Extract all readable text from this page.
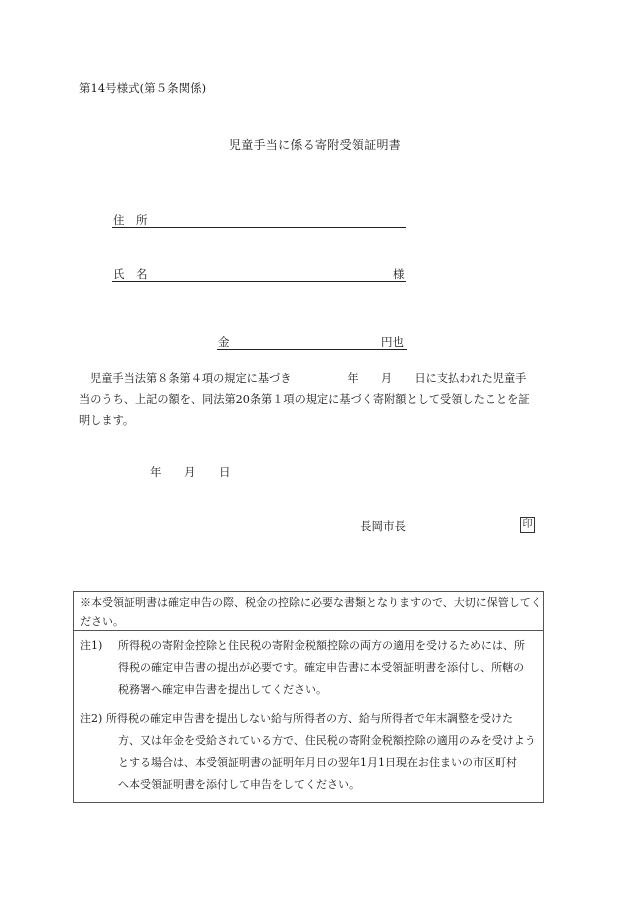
第14号様式(第５条関係)
児童手当に係る寄附受領証明書
住　所
氏　名	様
金	円也
児童手当法第８条第４項の規定に基づき　　　　　年　　月　　日に支払われた児童手
当のうち、上記の額を、同法第20条第１項の規定に基づく寄附額として受領したことを証
明します。
年 月 日
長岡市長	印
※本受領証明書は確定申告の際、税金の控除に必要な書類となりますので、大切に保管してく
ださい。
注1) 所得税の寄附金控除と住民税の寄附金税額控除の両方の適用を受けるためには、所
得税の確定申告書の提出が必要です。確定申告書に本受領証明書を添付し、所轄の
税務署へ確定申告書を提出してください。
注2) 所得税の確定申告書を提出しない給与所得者の方、給与所得者で年末調整を受けた
方、又は年金を受給されている方で、住民税の寄附金税額控除の適用のみを受けよう
とする場合は、本受領証明書の証明年月日の翌年1月1日現在お住まいの市区町村
へ本受領証明書を添付して申告をしてください。
